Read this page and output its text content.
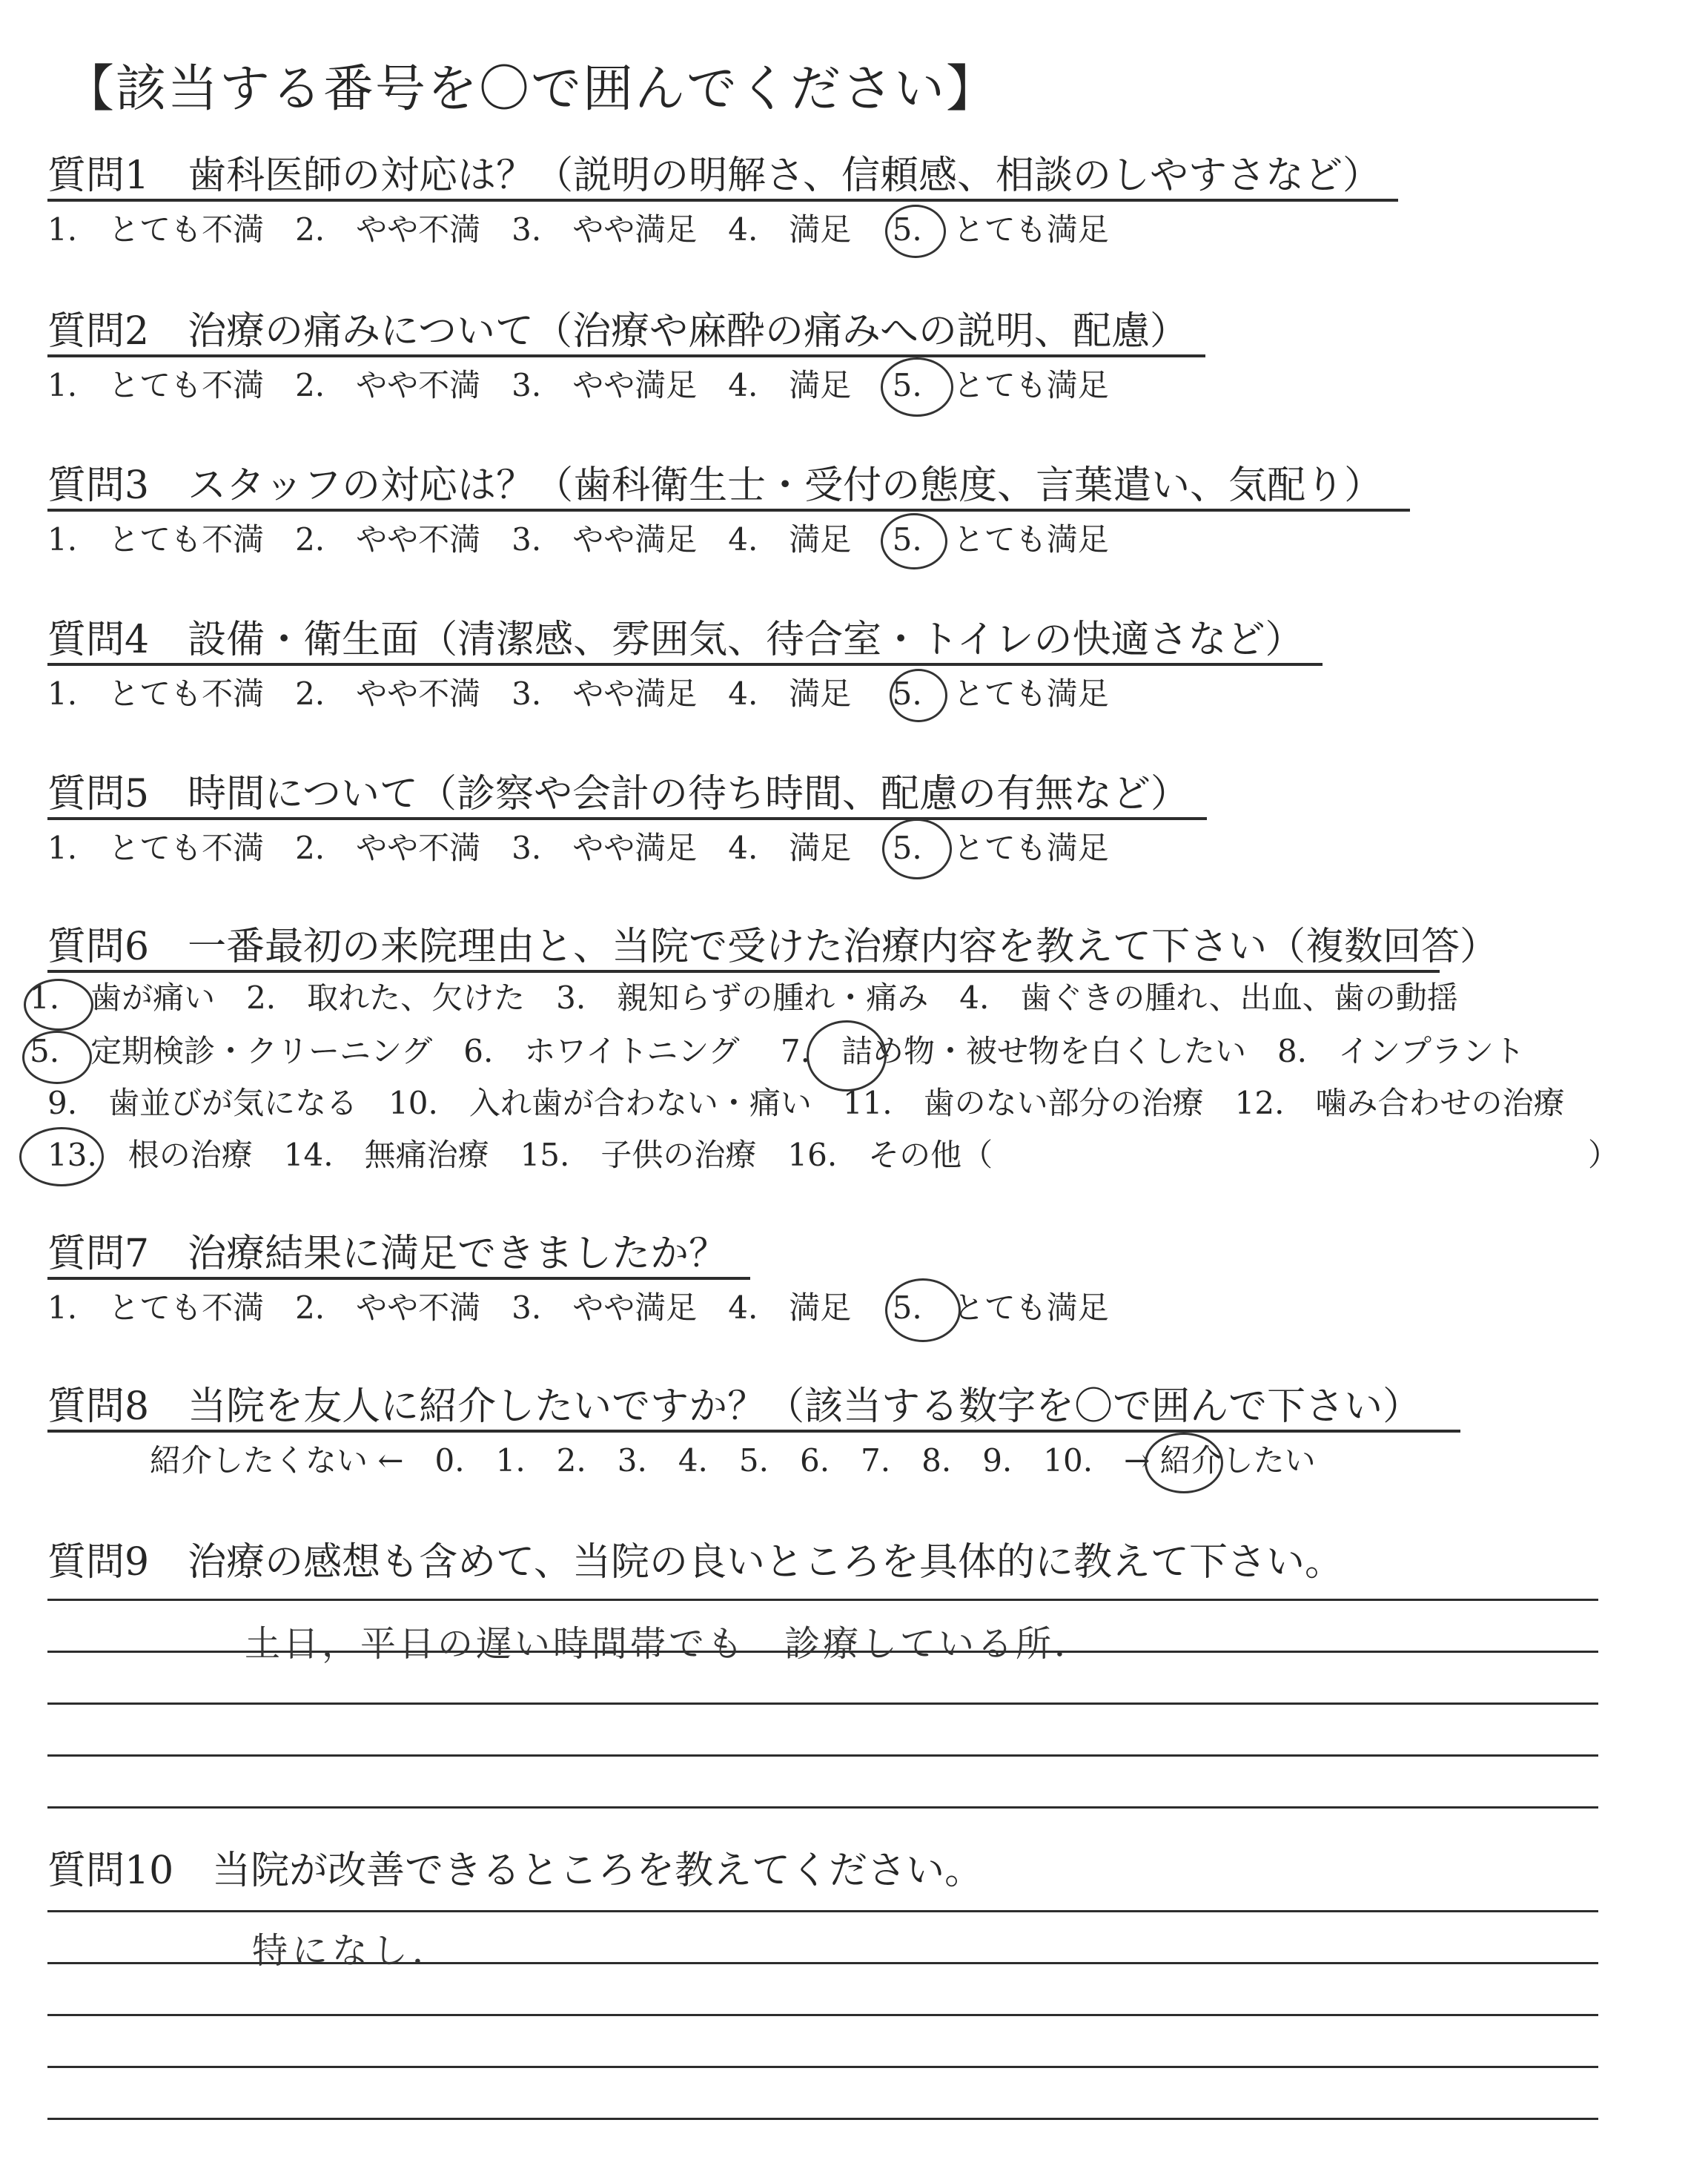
【該当する番号を〇で囲んでください】
質問1　歯科医師の対応は？（説明の明解さ、信頼感、相談のしやすさなど）
1.　とても不満　2.　やや不満　3.　やや満足　4.　満足　 5.　とても満足
質問2　治療の痛みについて（治療や麻酔の痛みへの説明、配慮）
1.　とても不満　2.　やや不満　3.　やや満足　4.　満足　 5.　とても満足
質問3　スタッフの対応は？（歯科衛生士・受付の態度、言葉遣い、気配り）
1.　とても不満　2.　やや不満　3.　やや満足　4.　満足　 5.　とても満足
質問4　設備・衛生面（清潔感、雰囲気、待合室・トイレの快適さなど）
1.　とても不満　2.　やや不満　3.　やや満足　4.　満足　 5.　とても満足
質問5　時間について（診察や会計の待ち時間、配慮の有無など）
1.　とても不満　2.　やや不満　3.　やや満足　4.　満足　 5.　とても満足
質問6　一番最初の来院理由と、当院で受けた治療内容を教えて下さい（複数回答）
1.　歯が痛い　2.　取れた、欠けた　3.　親知らずの腫れ・痛み　4.　歯ぐきの腫れ、出血、歯の動揺
5.　定期検診・クリーニング　6.　ホワイトニング　 7.　詰め物・被せ物を白くしたい　8.　インプラント
9.　歯並びが気になる　10.　入れ歯が合わない・痛い　11.　歯のない部分の治療　12.　噛み合わせの治療
13.　根の治療　14.　無痛治療　15.　子供の治療　16.　その他（	）
質問7　治療結果に満足できましたか？
1.　とても不満　2.　やや不満　3.　やや満足　4.　満足　 5.　とても満足
質問8　当院を友人に紹介したいですか？（該当する数字を〇で囲んで下さい）
紹介したくない ←　0.　1.　2.　3.　4.　5.　6.　7.　8.　9.　10.　→ 紹介したい
質問9　治療の感想も含めて、当院の良いところを具体的に教えて下さい。
土日，平日の遅い時間帯でも　診療している所．
質問10　当院が改善できるところを教えてください。
特になし．
